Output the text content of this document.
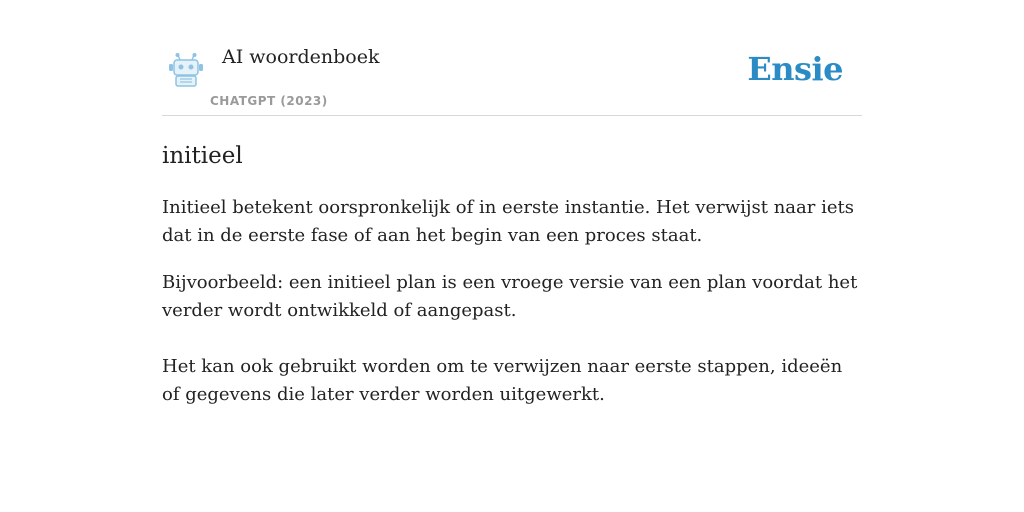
AI woordenboek
CHATGPT (2023)
Ensie
initieel
Initieel betekent oorspronkelijk of in eerste instantie. Het verwijst naar iets dat in de eerste fase of aan het begin van een proces staat.
Bijvoorbeeld: een initieel plan is een vroege versie van een plan voordat het verder wordt ontwikkeld of aangepast.
Het kan ook gebruikt worden om te verwijzen naar eerste stappen, ideeën of gegevens die later verder worden uitgewerkt.
